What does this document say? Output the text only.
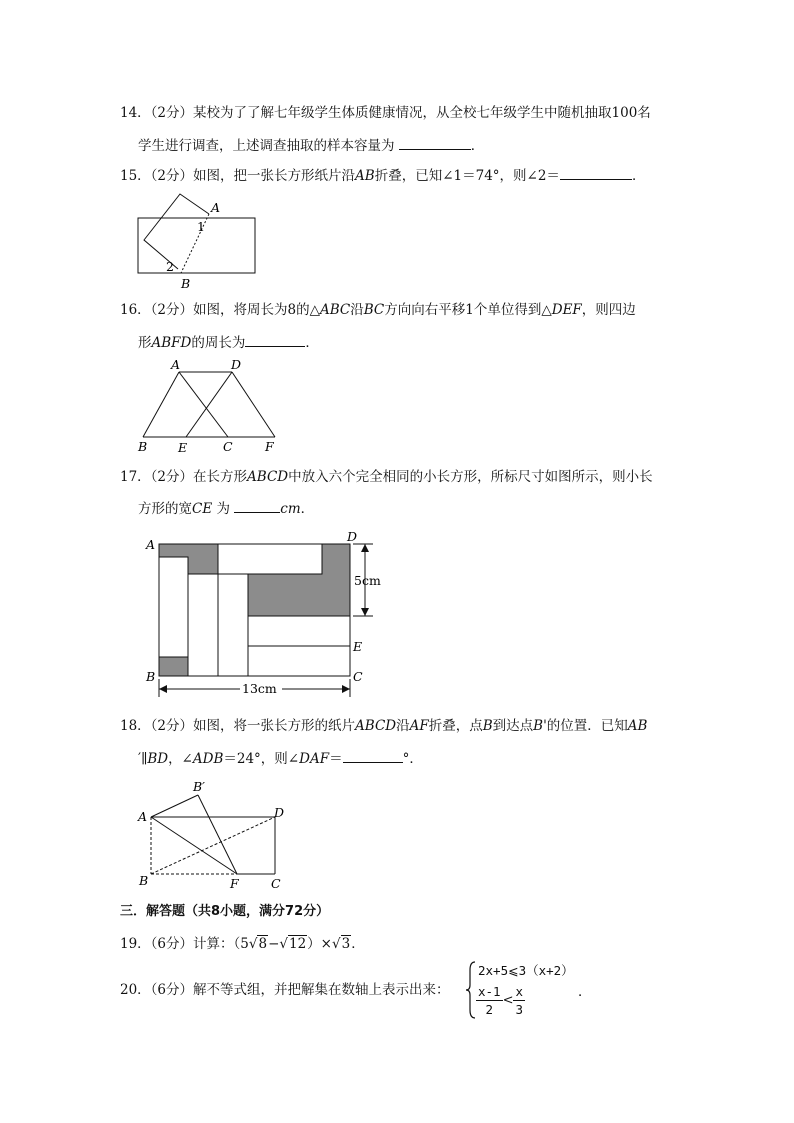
14．（2分）某校为了了解七年级学生体质健康情况，从全校七年级学生中随机抽取100名
学生进行调查，上述调查抽取的样本容量为	．
15．（2分）如图，把一张长方形纸片沿AB折叠，已知∠1＝74°，则∠2＝	．
A
1
2
B
16．（2分）如图，将周长为8的△ABC沿BC方向向右平移1个单位得到△DEF，则四边
形ABFD的周长为	．
A	D
B E	C	F
17．（2分）在长方形ABCD中放入六个完全相同的小长方形，所标尺寸如图所示，则小长
方形的宽CE 为	cm．
5cm
13cm
A
D
B	C
E
18．（2分）如图，将一张长方形的纸片ABCD沿AF折叠，点B到达点B'的位置．已知AB
′∥BD，∠ADB＝24°，则∠DAF＝	°．
A
B′
D
B	F	C
三．解答题（共8小题，满分72分）
19．（6分）计算：（5√8−√12）×√3．
20．（6分）解不等式组，并把解集在数轴上表示出来：
2x+5⩽3（x+2）
$\frac{x-1}{2} < \frac{x}{3}$	．
